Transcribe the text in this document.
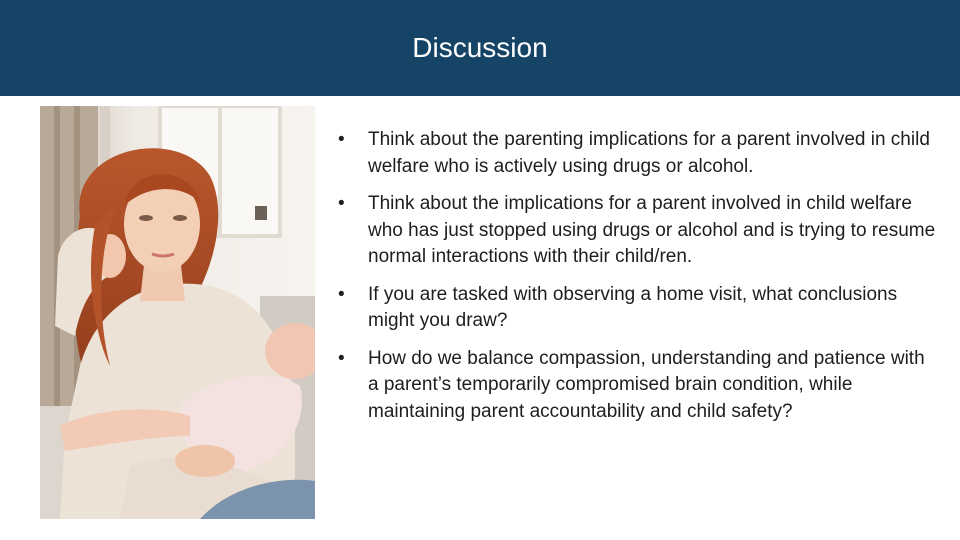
Discussion
•	Think about the parenting implications for a parent involved in child welfare who is actively using drugs or alcohol.
•	Think about the implications for a parent involved in child welfare who has just stopped using drugs or alcohol and is trying to resume normal interactions with their child/ren.
•	If you are tasked with observing a home visit, what conclusions might you draw?
•	How do we balance compassion, understanding and patience with a parent’s temporarily compromised brain condition, while maintaining parent accountability and child safety?
